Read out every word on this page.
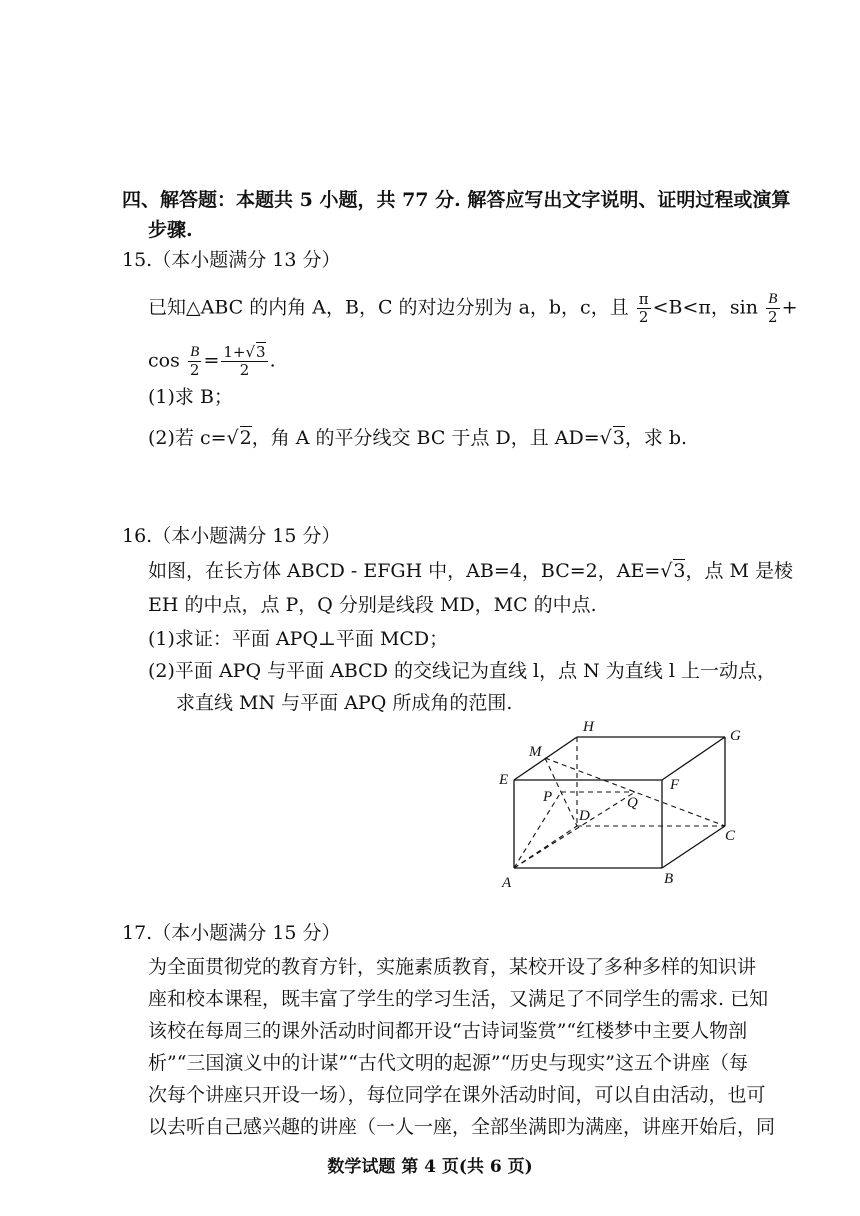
四、解答题：本题共 5 小题，共 77 分. 解答应写出文字说明、证明过程或演算
步骤.
15.（本小题满分 13 分）
已知△ABC 的内角 A，B，C 的对边分别为 a，b，c，且 $\frac{\pi}{2} <B<\pi$，$\sin \frac{B}{2}$ +
$\cos \frac{B}{2} = \frac{1+√3}{2}$ .
(1)求 B；
(2)若 c=√2，角 A 的平分线交 BC 于点 D，且 AD=√3，求 b.
16.（本小题满分 15 分）
如图，在长方体 ABCD - EFGH 中，AB=4，BC=2，AE=√3，点 M 是棱
EH 的中点，点 P，Q 分别是线段 MD，MC 的中点.
(1)求证：平面 APQ⊥平面 MCD；
(2)平面 APQ 与平面 ABCD 的交线记为直线 l，点 N 为直线 l 上一动点，
求直线 MN 与平面 APQ 所成角的范围.
H
G
M
E	F
P	Q
D
C
A	B
17.（本小题满分 15 分）
为全面贯彻党的教育方针，实施素质教育，某校开设了多种多样的知识讲
座和校本课程，既丰富了学生的学习生活，又满足了不同学生的需求. 已知
该校在每周三的课外活动时间都开设“古诗词鉴赏”“红楼梦中主要人物剖
析”“三国演义中的计谋”“古代文明的起源”“历史与现实”这五个讲座（每
次每个讲座只开设一场），每位同学在课外活动时间，可以自由活动，也可
以去听自己感兴趣的讲座（一人一座，全部坐满即为满座，讲座开始后，同
数学试题 第 4 页(共 6 页)
